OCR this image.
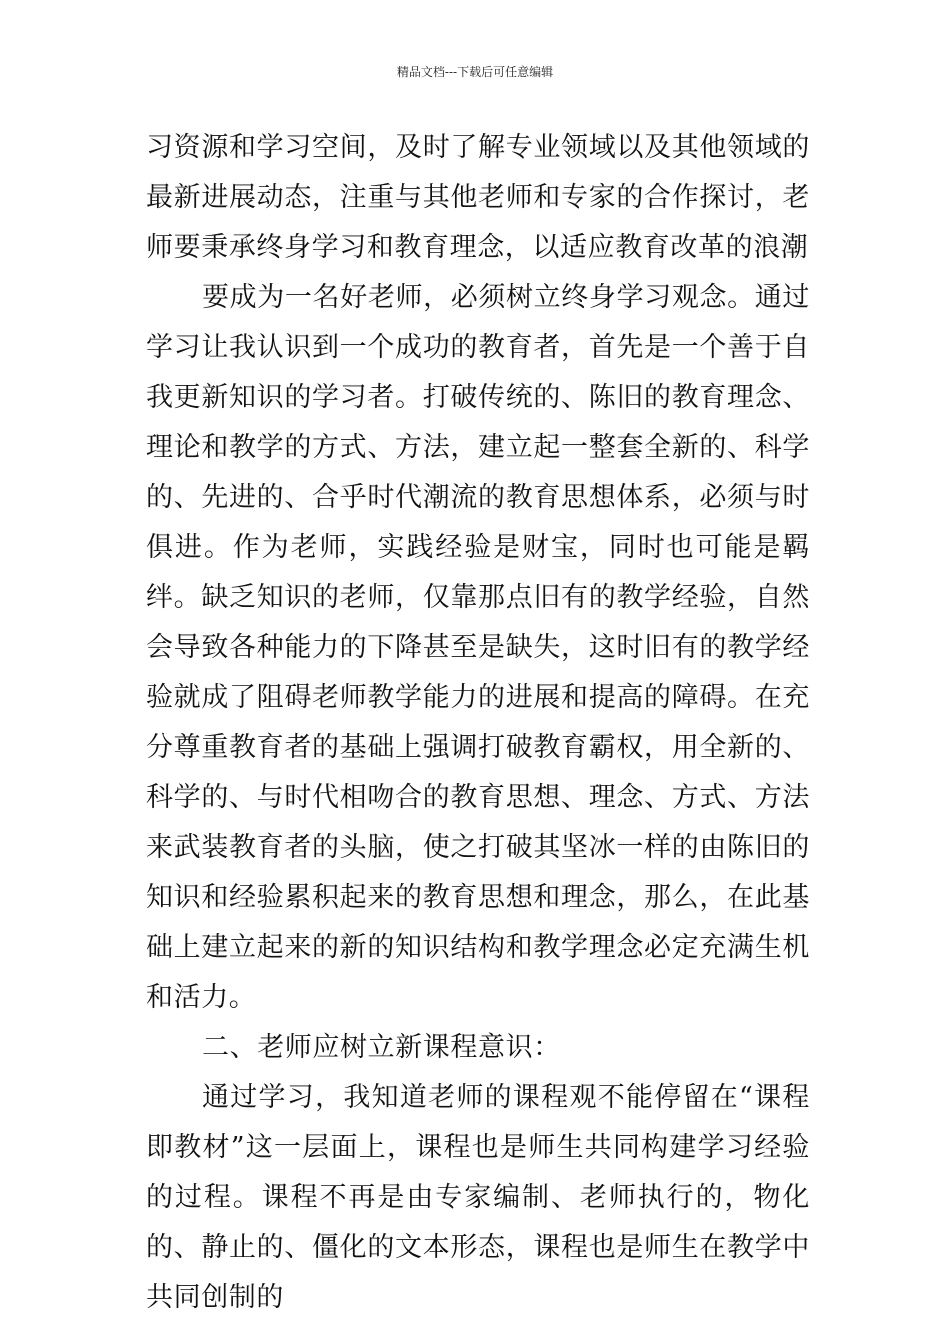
精品文档---下载后可任意编辑

习资源和学习空间，及时了解专业领域以及其他领域的最新进展动态，注重与其他老师和专家的合作探讨，老师要秉承终身学习和教育理念，以适应教育改革的浪潮

要成为一名好老师，必须树立终身学习观念。通过学习让我认识到一个成功的教育者，首先是一个善于自我更新知识的学习者。打破传统的、陈旧的教育理念、理论和教学的方式、方法，建立起一整套全新的、科学的、先进的、合乎时代潮流的教育思想体系，必须与时俱进。作为老师，实践经验是财宝，同时也可能是羁绊。缺乏知识的老师，仅靠那点旧有的教学经验，自然会导致各种能力的下降甚至是缺失，这时旧有的教学经验就成了阻碍老师教学能力的进展和提高的障碍。在充分尊重教育者的基础上强调打破教育霸权，用全新的、科学的、与时代相吻合的教育思想、理念、方式、方法来武装教育者的头脑，使之打破其坚冰一样的由陈旧的知识和经验累积起来的教育思想和理念，那么，在此基础上建立起来的新的知识结构和教学理念必定充满生机和活力。

二、老师应树立新课程意识：

通过学习，我知道老师的课程观不能停留在“课程即教材”这一层面上，课程也是师生共同构建学习经验的过程。课程不再是由专家编制、老师执行的，物化的、静止的、僵化的文本形态，课程也是师生在教学中共同创制的
